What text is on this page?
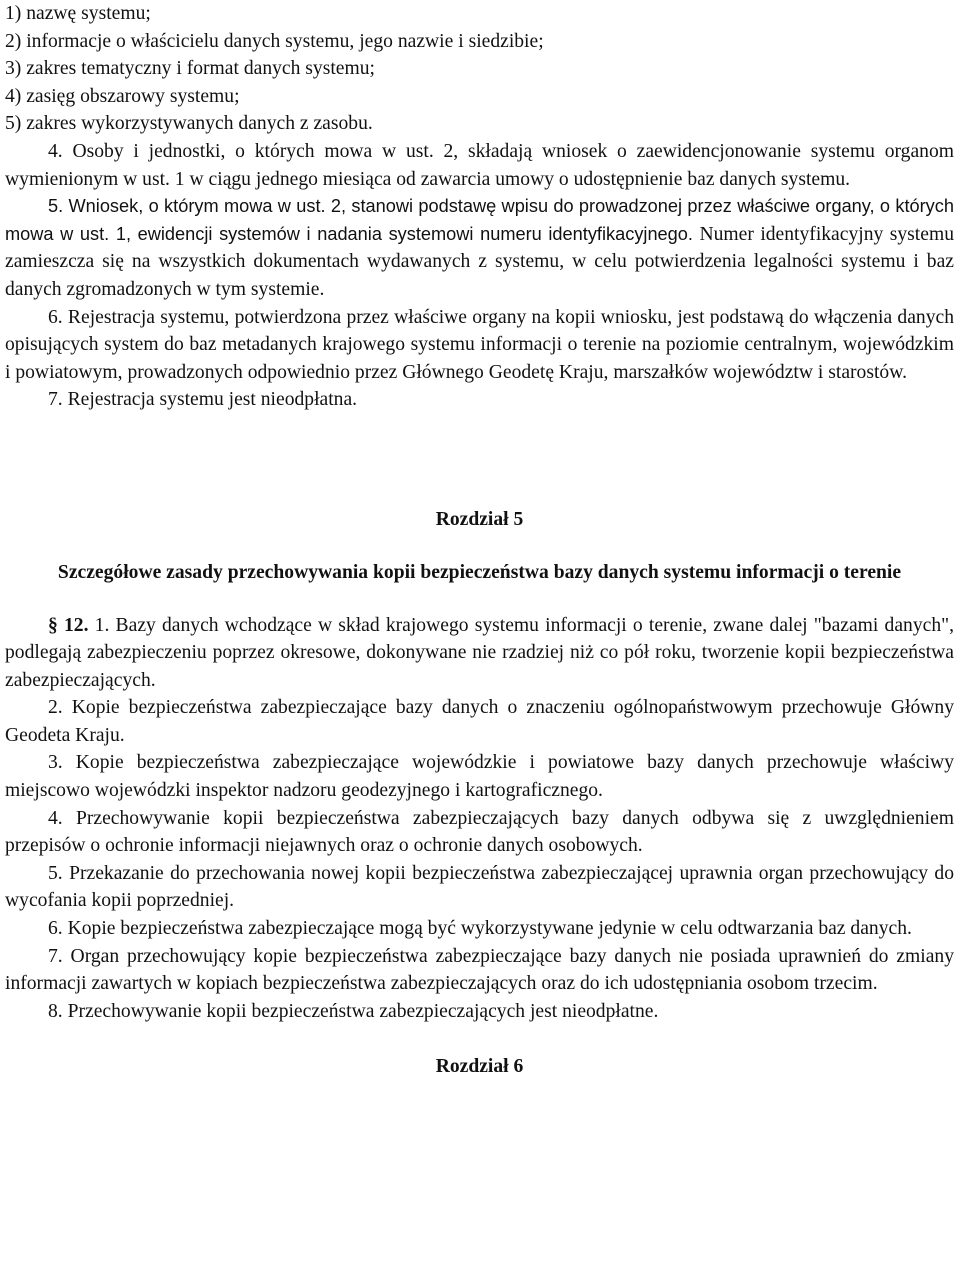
1) nazwę systemu;

2) informacje o właścicielu danych systemu, jego nazwie i siedzibie;

3) zakres tematyczny i format danych systemu;

4) zasięg obszarowy systemu;

5) zakres wykorzystywanych danych z zasobu.

4. Osoby i jednostki, o których mowa w ust. 2, składają wniosek o zaewidencjonowanie systemu organom wymienionym w ust. 1 w ciągu jednego miesiąca od zawarcia umowy o udostępnienie baz danych systemu.

5. Wniosek, o którym mowa w ust. 2, stanowi podstawę wpisu do prowadzonej przez właściwe organy, o których mowa w ust. 1, ewidencji systemów i nadania systemowi numeru identyfikacyjnego. Numer identyfikacyjny systemu zamieszcza się na wszystkich dokumentach wydawanych z systemu, w celu potwierdzenia legalności systemu i baz danych zgromadzonych w tym systemie.

6. Rejestracja systemu, potwierdzona przez właściwe organy na kopii wniosku, jest podstawą do włączenia danych opisujących system do baz metadanych krajowego systemu informacji o terenie na poziomie centralnym, wojewódzkim i powiatowym, prowadzonych odpowiednio przez Głównego Geodetę Kraju, marszałków województw i starostów.

7. Rejestracja systemu jest nieodpłatna.

Rozdział 5

Szczegółowe zasady przechowywania kopii bezpieczeństwa bazy danych systemu informacji o terenie

§ 12. 1. Bazy danych wchodzące w skład krajowego systemu informacji o terenie, zwane dalej "bazami danych", podlegają zabezpieczeniu poprzez okresowe, dokonywane nie rzadziej niż co pół roku, tworzenie kopii bezpieczeństwa zabezpieczających.

2. Kopie bezpieczeństwa zabezpieczające bazy danych o znaczeniu ogólnopaństwowym przechowuje Główny Geodeta Kraju.

3. Kopie bezpieczeństwa zabezpieczające wojewódzkie i powiatowe bazy danych przechowuje właściwy miejscowo wojewódzki inspektor nadzoru geodezyjnego i kartograficznego.

4. Przechowywanie kopii bezpieczeństwa zabezpieczających bazy danych odbywa się z uwzględnieniem przepisów o ochronie informacji niejawnych oraz o ochronie danych osobowych.

5. Przekazanie do przechowania nowej kopii bezpieczeństwa zabezpieczającej uprawnia organ przechowujący do wycofania kopii poprzedniej.

6. Kopie bezpieczeństwa zabezpieczające mogą być wykorzystywane jedynie w celu odtwarzania baz danych.

7. Organ przechowujący kopie bezpieczeństwa zabezpieczające bazy danych nie posiada uprawnień do zmiany informacji zawartych w kopiach bezpieczeństwa zabezpieczających oraz do ich udostępniania osobom trzecim.

8. Przechowywanie kopii bezpieczeństwa zabezpieczających jest nieodpłatne.

Rozdział 6
